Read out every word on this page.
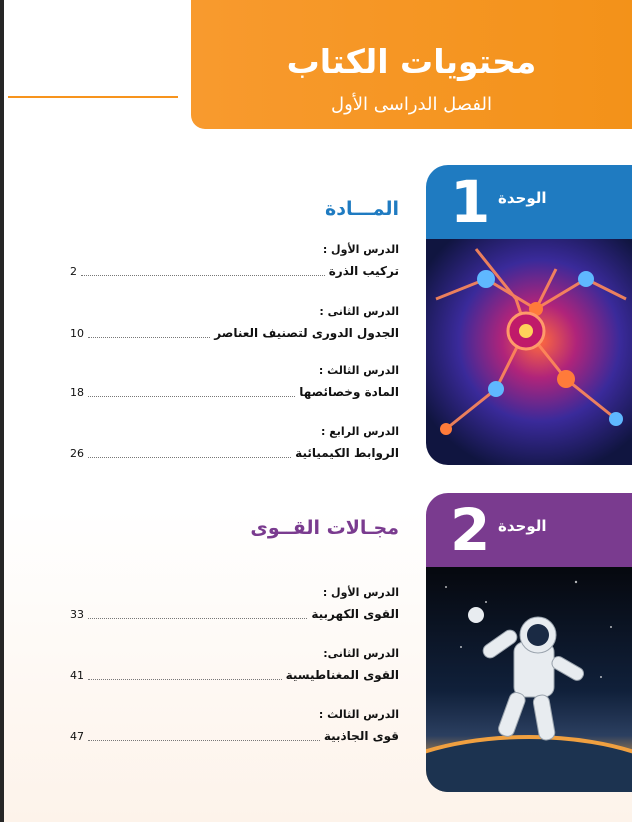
محتويات الكتاب
الفصل الدراسى الأول
1 الوحدة
المـــادة
الدرس الأول :
تركيب الذرة
2
الدرس الثانى :
الجدول الدورى لتصنيف العناصر
10
الدرس الثالث :
المادة وخصائصها
18
الدرس الرابع :
الروابط الكيميائية
26
2 الوحدة
مجـالات القــوى
الدرس الأول :
القوى الكهربية
33
الدرس الثانى:
القوى المغناطيسية
41
الدرس الثالث :
قوى الجاذبية
47
